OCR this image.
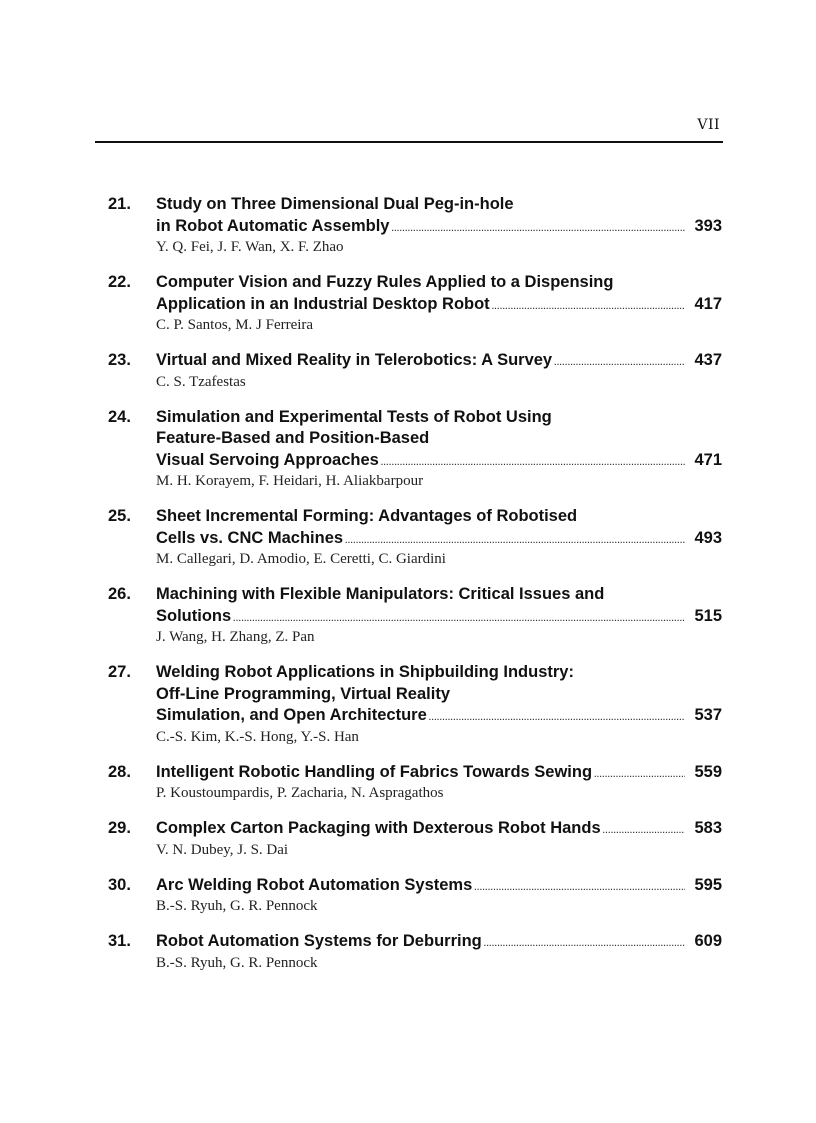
VII
21.	Study on Three Dimensional Dual Peg-in-hole
in Robot Automatic Assembly .....	393
Y. Q. Fei, J. F. Wan, X. F. Zhao
22.	Computer Vision and Fuzzy Rules Applied to a Dispensing
Application in an Industrial Desktop Robot .....	417
C. P. Santos, M. J Ferreira
23.	Virtual and Mixed Reality in Telerobotics: A Survey .....	437
C. S. Tzafestas
24.	Simulation and Experimental Tests of Robot Using
Feature-Based and Position-Based
Visual Servoing Approaches .....	471
M. H. Korayem, F. Heidari, H. Aliakbarpour
25.	Sheet Incremental Forming: Advantages of Robotised
Cells vs. CNC Machines .....	493
M. Callegari, D. Amodio, E. Ceretti, C. Giardini
26.	Machining with Flexible Manipulators: Critical Issues and
Solutions .....	515
J. Wang, H. Zhang, Z. Pan
27.	Welding Robot Applications in Shipbuilding Industry:
Off-Line Programming, Virtual Reality
Simulation, and Open Architecture .....	537
C.-S. Kim, K.-S. Hong, Y.-S. Han
28.	Intelligent Robotic Handling of Fabrics Towards Sewing .....	559
P. Koustoumpardis, P. Zacharia, N. Aspragathos
29.	Complex Carton Packaging with Dexterous Robot Hands .....	583
V. N. Dubey, J. S. Dai
30.	Arc Welding Robot Automation Systems .....	595
B.-S. Ryuh, G. R. Pennock
31.	Robot Automation Systems for Deburring .....	609
B.-S. Ryuh, G. R. Pennock
